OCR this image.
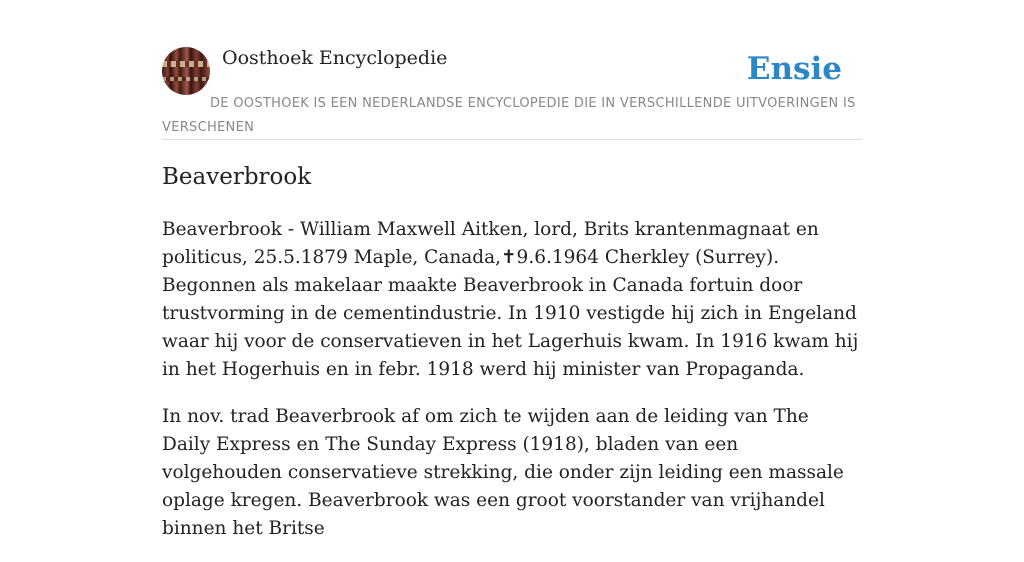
Oosthoek Encyclopedie	Ensie
DE OOSTHOEK IS EEN NEDERLANDSE ENCYCLOPEDIE DIE IN VERSCHILLENDE UITVOERINGEN IS VERSCHENEN
Beaverbrook

Beaverbrook - William Maxwell Aitken, lord, Brits krantenmagnaat en politicus, 25.5.1879 Maple, Canada,✝9.6.1964 Cherkley (Surrey). Begonnen als makelaar maakte Beaverbrook in Canada fortuin door trustvorming in de cementindustrie. In 1910 vestigde hij zich in Engeland waar hij voor de conservatieven in het Lagerhuis kwam. In 1916 kwam hij in het Hogerhuis en in febr. 1918 werd hij minister van Propaganda.

In nov. trad Beaverbrook af om zich te wijden aan de leiding van The Daily Express en The Sunday Express (1918), bladen van een volgehouden conservatieve strekking, die onder zijn leiding een massale oplage kregen. Beaverbrook was een groot voorstander van vrijhandel binnen het Britse
